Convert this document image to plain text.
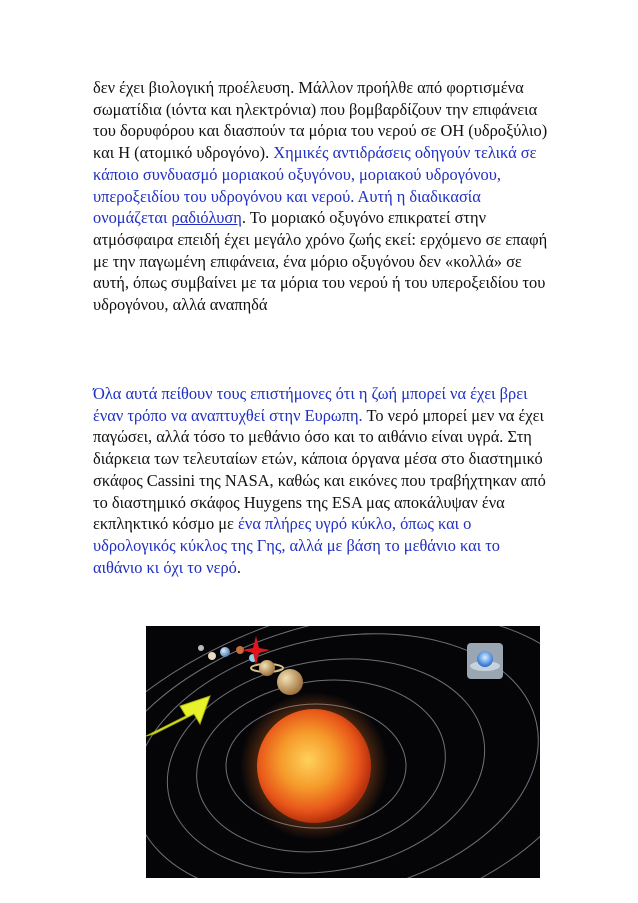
δεν έχει βιολογική προέλευση. Μάλλον προήλθε από φορτισμένα σωματίδια (ιόντα και ηλεκτρόνια) που βομβαρδίζουν την επιφάνεια του δορυφόρου και διασπούν τα μόρια του νερού σε OH (υδροξύλιο) και H (ατομικό υδρογόνο). Χημικές αντιδράσεις οδηγούν τελικά σε κάποιο συνδυασμό μοριακού οξυγόνου, μοριακού υδρογόνου, υπεροξειδίου του υδρογόνου και νερού. Αυτή η διαδικασία ονομάζεται ραδιόλυση. Το μοριακό οξυγόνο επικρατεί στην ατμόσφαιρα επειδή έχει μεγάλο χρόνο ζωής εκεί: ερχόμενο σε επαφή με την παγωμένη επιφάνεια, ένα μόριο οξυγόνου δεν «κολλά» σε αυτή, όπως συμβαίνει με τα μόρια του νερού ή του υπεροξειδίου του υδρογόνου, αλλά αναπηδά

Όλα αυτά πείθουν τους επιστήμονες ότι η ζωή μπορεί να έχει βρει έναν τρόπο να αναπτυχθεί στην Ευρωπη. Το νερό μπορεί μεν να έχει παγώσει, αλλά τόσο το μεθάνιο όσο και το αιθάνιο είναι υγρά. Στη διάρκεια των τελευταίων ετών, κάποια όργανα μέσα στο διαστημικό σκάφος Cassini της NASA, καθώς και εικόνες που τραβήχτηκαν από το διαστημικό σκάφος Huygens της ESA μας αποκάλυψαν ένα εκπληκτικό κόσμο με ένα πλήρες υγρό κύκλο, όπως και ο υδρολογικός κύκλος της Γης, αλλά με βάση το μεθάνιο και το αιθάνιο κι όχι το νερό.
